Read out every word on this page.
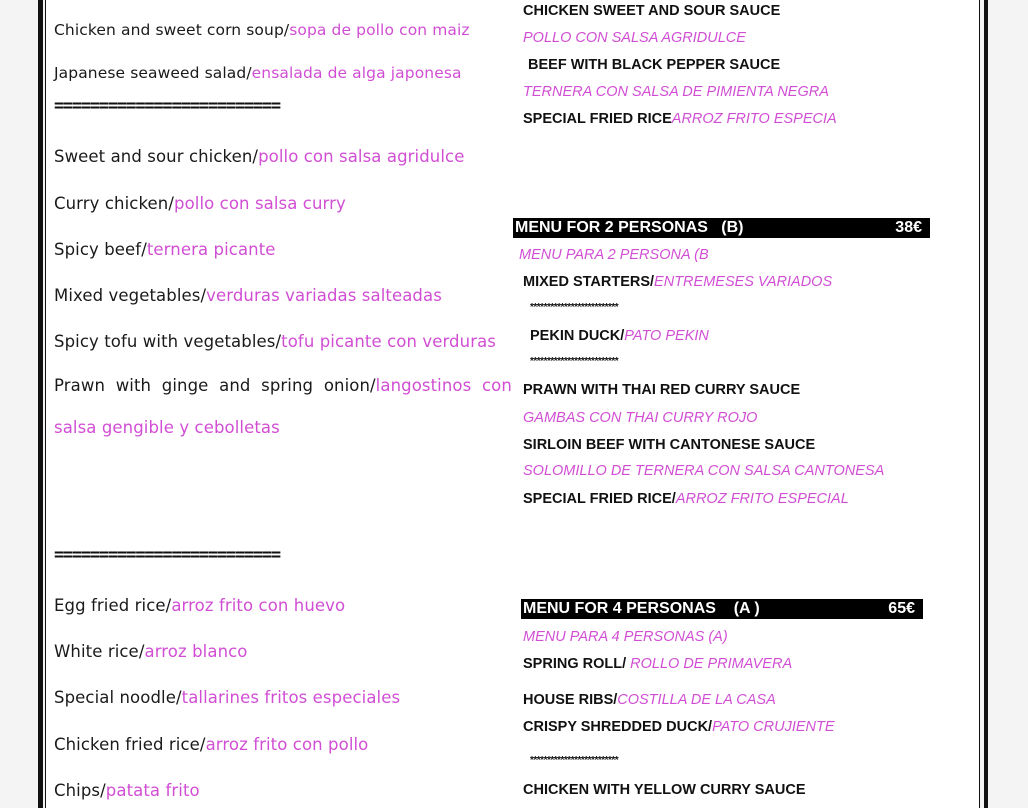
Chicken and sweet corn soup/sopa de pollo con maiz
Japanese seaweed salad/ensalada de alga japonesa
=========================
Sweet and sour chicken/pollo con salsa agridulce
Curry chicken/pollo con salsa curry
Spicy beef/ternera picante
Mixed vegetables/verduras variadas salteadas
Spicy tofu with vegetables/tofu picante con verduras
Prawn  with  ginge  and  spring  onion/langostinos  con
salsa gengible y cebolletas
=========================
Egg fried rice/arroz frito con huevo
White rice/arroz blanco
Special noodle/tallarines fritos especiales
Chicken fried rice/arroz frito con pollo
Chips/patata frito
CHICKEN SWEET AND SOUR SAUCE
POLLO CON SALSA AGRIDULCE
BEEF WITH BLACK PEPPER SAUCE
TERNERA CON SALSA DE PIMIENTA NEGRA
SPECIAL FRIED RICEARROZ FRITO ESPECIA
MENU FOR 2 PERSONAS   (B)	38€
MENU PARA 2 PERSONA (B
MIXED STARTERS/ENTREMESES VARIADOS
**************************
PEKIN DUCK/PATO PEKIN
**************************
PRAWN WITH THAI RED CURRY SAUCE
GAMBAS CON THAI CURRY ROJO
SIRLOIN BEEF WITH CANTONESE SAUCE
SOLOMILLO DE TERNERA CON SALSA CANTONESA
SPECIAL FRIED RICE/ARROZ FRITO ESPECIAL
MENU FOR 4 PERSONAS    (A )	65€
MENU PARA 4 PERSONAS (A)
SPRING ROLL/ ROLLO DE PRIMAVERA
HOUSE RIBS/COSTILLA DE LA CASA
CRISPY SHREDDED DUCK/PATO CRUJIENTE
**************************
CHICKEN WITH YELLOW CURRY SAUCE
